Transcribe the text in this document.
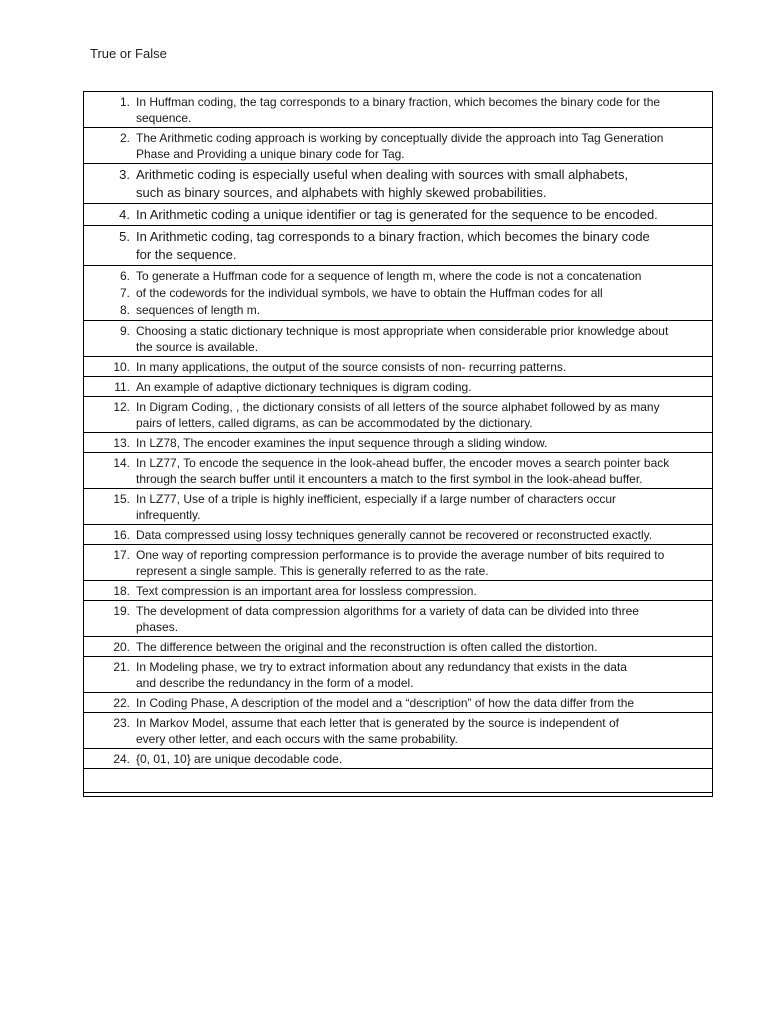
True or False
1. In Huffman coding, the tag corresponds to a binary fraction, which becomes the binary code for the
sequence.

2. The Arithmetic coding approach is working by conceptually divide the approach into Tag Generation
Phase and Providing a unique binary code for Tag.

3. Arithmetic coding is especially useful when dealing with sources with small alphabets,
such as binary sources, and alphabets with highly skewed probabilities.

4. In Arithmetic coding a unique identifier or tag is generated for the sequence to be encoded.

5. In Arithmetic coding, tag corresponds to a binary fraction, which becomes the binary code
for the sequence.

6.
7.
8.
To generate a Huffman code for a sequence of length m, where the code is not a concatenation
of the codewords for the individual symbols, we have to obtain the Huffman codes for all
sequences of length m.

9. Choosing a static dictionary technique is most appropriate when considerable prior knowledge about
the source is available.

10. In many applications, the output of the source consists of non- recurring patterns.

11. An example of adaptive dictionary techniques is digram coding.

12. In Digram Coding, , the dictionary consists of all letters of the source alphabet followed by as many
pairs of letters, called digrams, as can be accommodated by the dictionary.

13. In LZ78, The encoder examines the input sequence through a sliding window.

14. In LZ77, To encode the sequence in the look-ahead buffer, the encoder moves a search pointer back
through the search buffer until it encounters a match to the first symbol in the look-ahead buffer.

15. In LZ77, Use of a triple is highly inefficient, especially if a large number of characters occur
infrequently.

16. Data compressed using lossy techniques generally cannot be recovered or reconstructed exactly.

17. One way of reporting compression performance is to provide the average number of bits required to
represent a single sample. This is generally referred to as the rate.

18. Text compression is an important area for lossless compression.

19. The development of data compression algorithms for a variety of data can be divided into three
phases.

20. The difference between the original and the reconstruction is often called the distortion.

21. In Modeling phase, we try to extract information about any redundancy that exists in the data
and describe the redundancy in the form of a model.

22. In Coding Phase, A description of the model and a “description” of how the data differ from the

23. In Markov Model, assume that each letter that is generated by the source is independent of
every other letter, and each occurs with the same probability.

24. {0, 01, 10} are unique decodable code.
